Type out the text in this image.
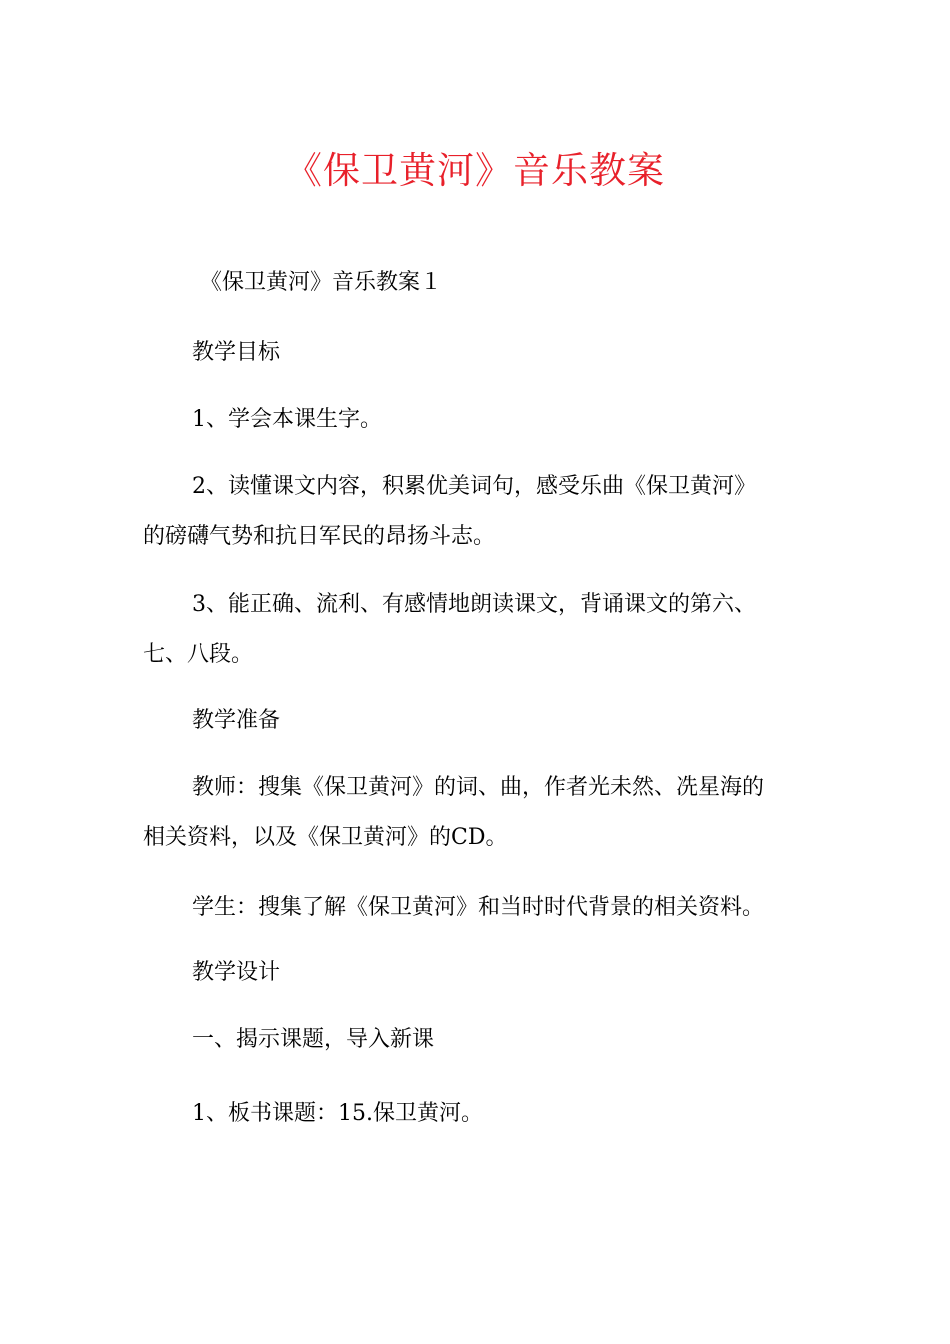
《保卫黄河》音乐教案

《保卫黄河》音乐教案１

教学目标

1、学会本课生字。

2、读懂课文内容，积累优美词句，感受乐曲《保卫黄河》

的磅礴气势和抗日军民的昂扬斗志。

3、能正确、流利、有感情地朗读课文，背诵课文的第六、

七、八段。

教学准备

教师：搜集《保卫黄河》的词、曲，作者光未然、冼星海的

相关资料，以及《保卫黄河》的CD。

学生：搜集了解《保卫黄河》和当时时代背景的相关资料。

教学设计

一、揭示课题，导入新课

1、板书课题：15.保卫黄河。
